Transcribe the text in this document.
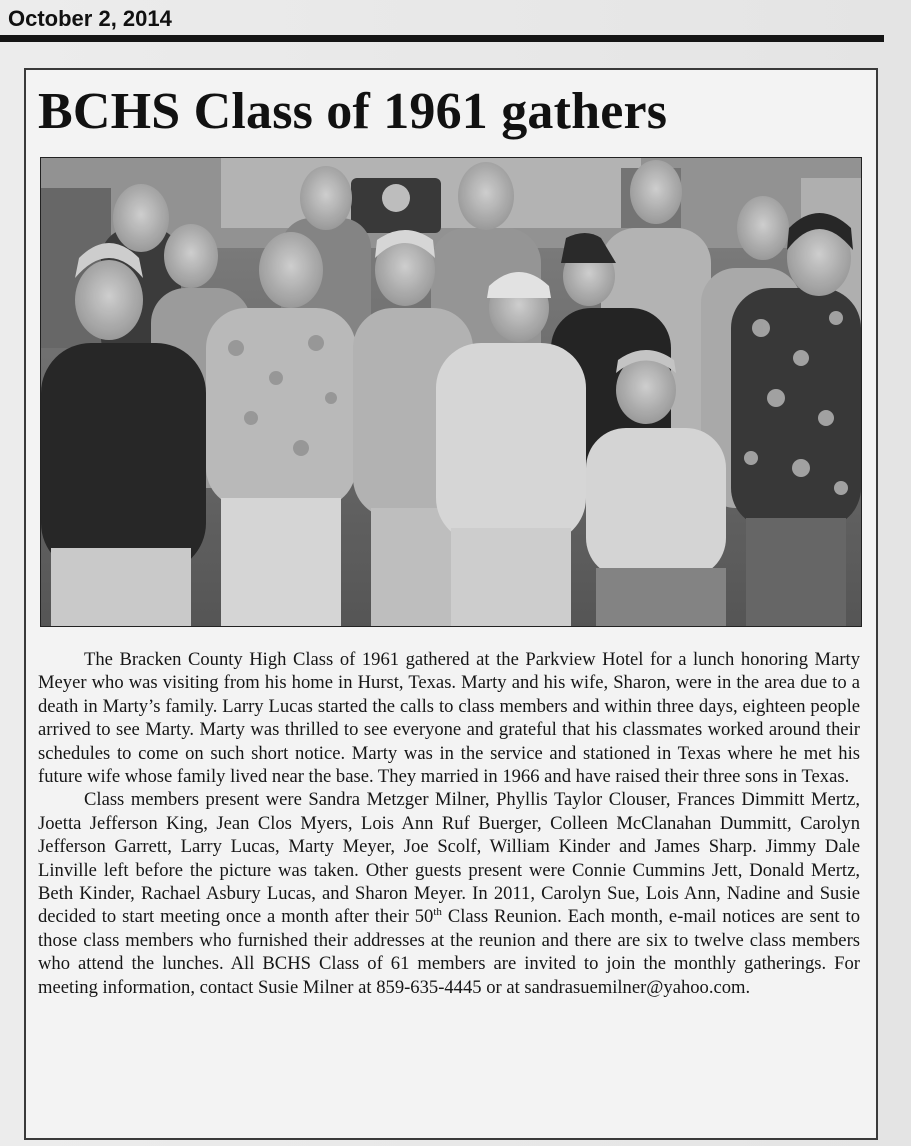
October 2, 2014
BCHS Class of 1961 gathers

The Bracken County High Class of 1961 gathered at the Parkview Hotel for a lunch honoring Marty Meyer who was visiting from his home in Hurst, Texas. Marty and his wife, Sharon, were in the area due to a death in Marty’s family. Larry Lucas started the calls to class members and within three days, eighteen people arrived to see Marty. Marty was thrilled to see everyone and grateful that his classmates worked around their schedules to come on such short notice. Marty was in the service and stationed in Texas where he met his future wife whose family lived near the base. They married in 1966 and have raised their three sons in Texas.

Class members present were Sandra Metzger Milner, Phyllis Taylor Clouser, Frances Dimmitt Mertz, Joetta Jefferson King, Jean Clos Myers, Lois Ann Ruf Buerger, Colleen McClanahan Dummitt, Carolyn Jefferson Garrett, Larry Lucas, Marty Meyer, Joe Scolf, William Kinder and James Sharp. Jimmy Dale Linville left before the picture was taken. Other guests present were Connie Cummins Jett, Donald Mertz, Beth Kinder, Rachael Asbury Lucas, and Sharon Meyer. In 2011, Carolyn Sue, Lois Ann, Nadine and Susie decided to start meeting once a month after their 50th Class Reunion. Each month, e-mail notices are sent to those class members who furnished their addresses at the reunion and there are six to twelve class members who attend the lunches. All BCHS Class of 61 members are invited to join the monthly gatherings. For meeting information, contact Susie Milner at 859-635-4445 or at sandrasuemilner@yahoo.com.
